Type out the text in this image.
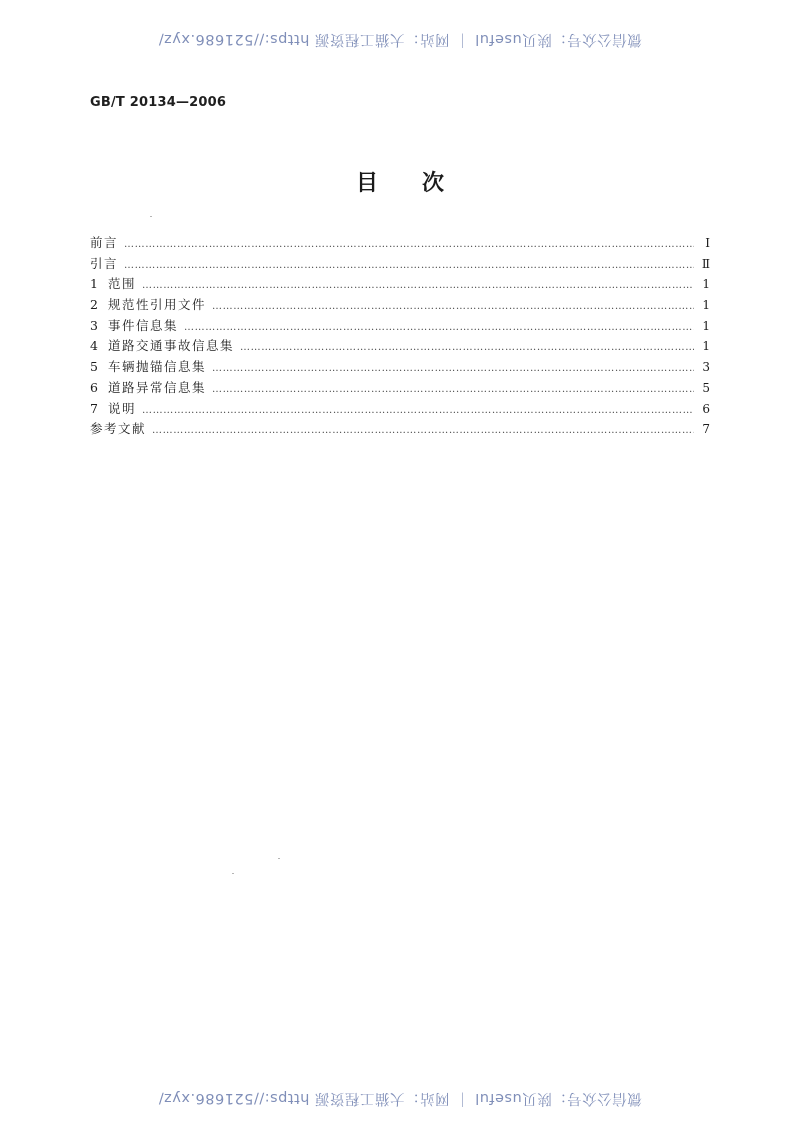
微信公众号：陕贝useful ｜ 网站：大猫工程资源 https://521686.xyz/
GB/T 20134—2006
目 次
前言 …………………………………………………………………………………………………………………………………………………………………………………………………………………………………………	I
引言 …………………………………………………………………………………………………………………………………………………………………………………………………………………………………………	Ⅱ
1 范围 …………………………………………………………………………………………………………………………………………………………………………………………………………………………………………	1
2 规范性引用文件 …………………………………………………………………………………………………………………………………………………………………………………………………………………………………………	1
3 事件信息集 …………………………………………………………………………………………………………………………………………………………………………………………………………………………………………	1
4 道路交通事故信息集 …………………………………………………………………………………………………………………………………………………………………………………………………………………………………………	1
5 车辆抛锚信息集 …………………………………………………………………………………………………………………………………………………………………………………………………………………………………………	3
6 道路异常信息集 …………………………………………………………………………………………………………………………………………………………………………………………………………………………………………	5
7 说明 …………………………………………………………………………………………………………………………………………………………………………………………………………………………………………	6
参考文献 …………………………………………………………………………………………………………………………………………………………………………………………………………………………………………	7
微信公众号：陕贝useful ｜ 网站：大猫工程资源 https://521686.xyz/
